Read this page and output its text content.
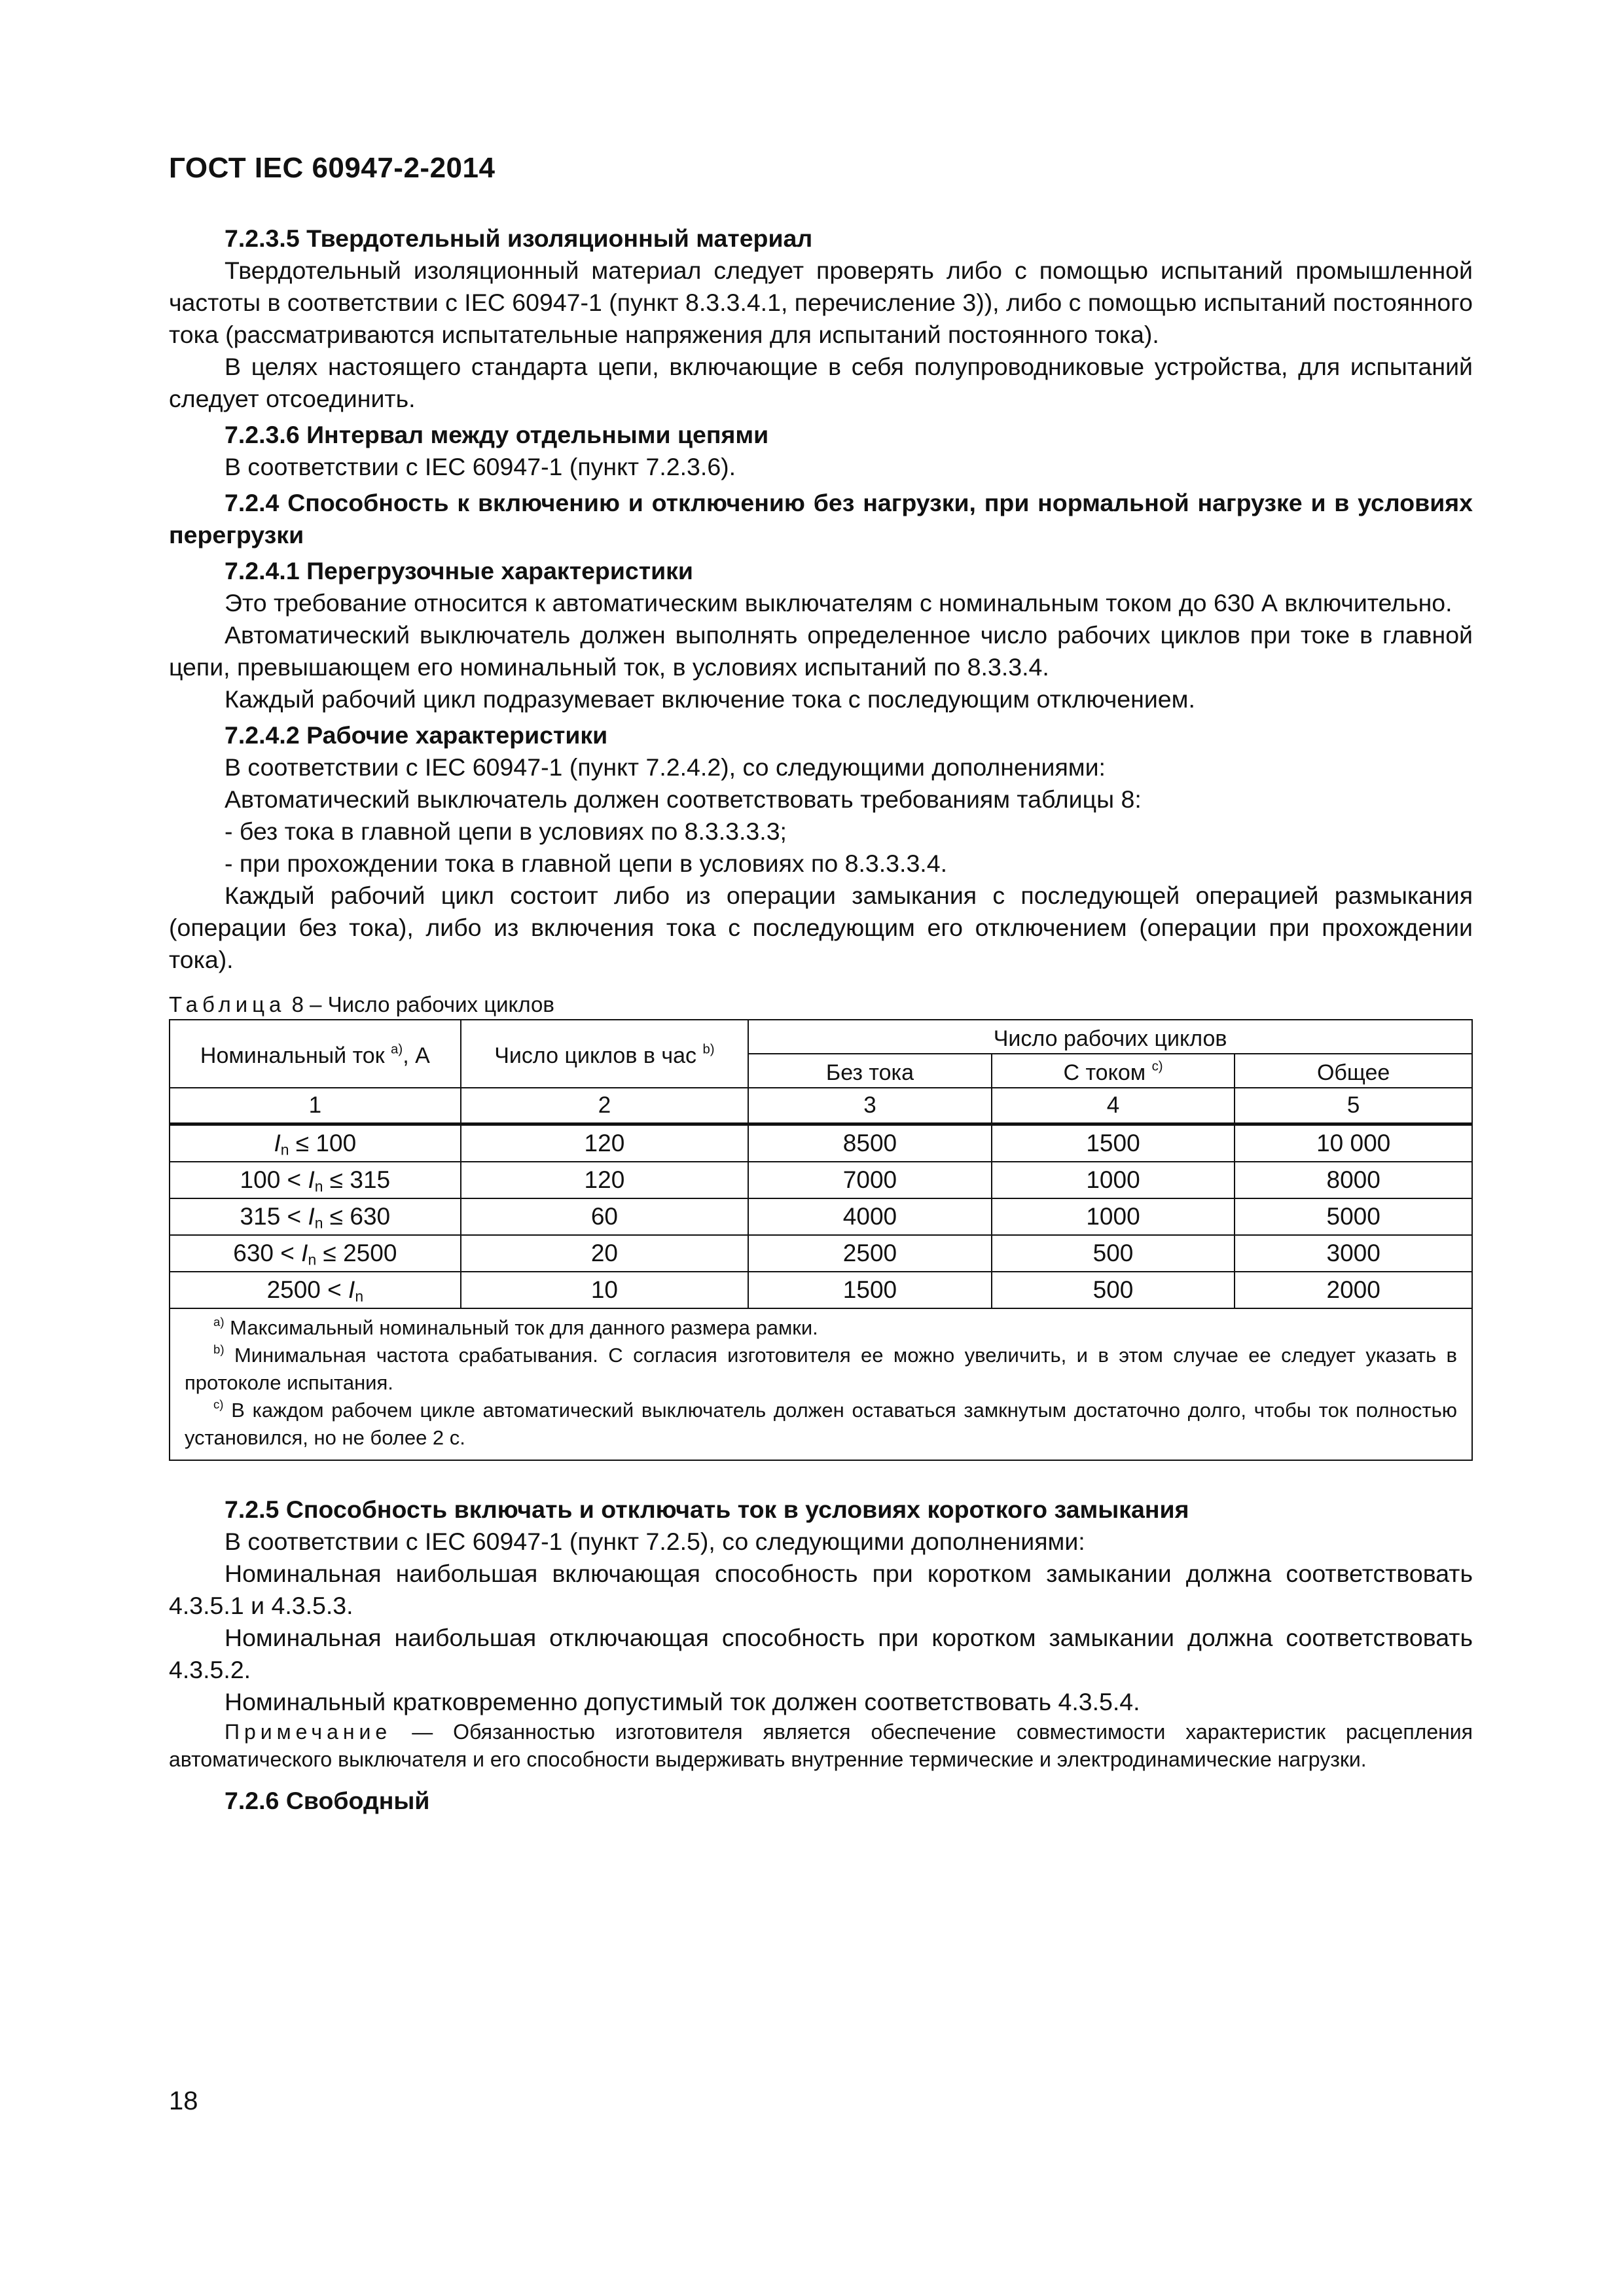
ГОСТ IEC 60947-2-2014

7.2.3.5 Твердотельный изоляционный материал

Твердотельный изоляционный материал следует проверять либо с помощью испытаний промышленной частоты в соответствии с IEC 60947-1 (пункт 8.3.3.4.1, перечисление 3)), либо с помощью испытаний постоянного тока (рассматриваются испытательные напряжения для испытаний постоянного тока).

В целях настоящего стандарта цепи, включающие в себя полупроводниковые устройства, для испытаний следует отсоединить.

7.2.3.6 Интервал между отдельными цепями

В соответствии с IEC 60947-1 (пункт 7.2.3.6).

7.2.4 Способность к включению и отключению без нагрузки, при нормальной нагрузке и в условиях перегрузки

7.2.4.1 Перегрузочные характеристики

Это требование относится к автоматическим выключателям с номинальным током до 630 А включительно.

Автоматический выключатель должен выполнять определенное число рабочих циклов при токе в главной цепи, превышающем его номинальный ток, в условиях испытаний по 8.3.3.4.

Каждый рабочий цикл подразумевает включение тока с последующим отключением.

7.2.4.2 Рабочие характеристики

В соответствии с IEC 60947-1 (пункт 7.2.4.2), со следующими дополнениями:

Автоматический выключатель должен соответствовать требованиям таблицы 8:

- без тока в главной цепи в условиях по 8.3.3.3.3;

- при прохождении тока в главной цепи в условиях по 8.3.3.3.4.

Каждый рабочий цикл состоит либо из операции замыкания с последующей операцией размыкания (операции без тока), либо из включения тока с последующим его отключением (операции при прохождении тока).

Таблица 8 – Число рабочих циклов

Номинальный ток $^{a)}$, А	Число циклов в час $^{b)}$	Число рабочих циклов		
		Без тока	С током $^{c)}$	Общее
1	2	3	4	5
$I_n \le 100$	120	8500	1500	10 000
$100 < I_n \le 315$	120	7000	1000	8000
$315 < I_n \le 630$	60	4000	1000	5000
$630 < I_n \le 2500$	20	2500	500	3000
$2500 < I_n$	10	1500	500	2000

$^{a)}$ Максимальный номинальный ток для данного размера рамки.
$^{b)}$ Минимальная частота срабатывания. С согласия изготовителя ее можно увеличить, и в этом случае ее следует указать в протоколе испытания.
$^{c)}$ В каждом рабочем цикле автоматический выключатель должен оставаться замкнутым достаточно долго, чтобы ток полностью установился, но не более 2 с.				

7.2.5 Способность включать и отключать ток в условиях короткого замыкания

В соответствии с IEC 60947-1 (пункт 7.2.5), со следующими дополнениями:

Номинальная наибольшая включающая способность при коротком замыкании должна соответствовать 4.3.5.1 и 4.3.5.3.

Номинальная наибольшая отключающая способность при коротком замыкании должна соответствовать 4.3.5.2.

Номинальный кратковременно допустимый ток должен соответствовать 4.3.5.4.

Примечание — Обязанностью изготовителя является обеспечение совместимости характеристик расцепления автоматического выключателя и его способности выдерживать внутренние термические и электродинамические нагрузки.

7.2.6 Свободный

18
